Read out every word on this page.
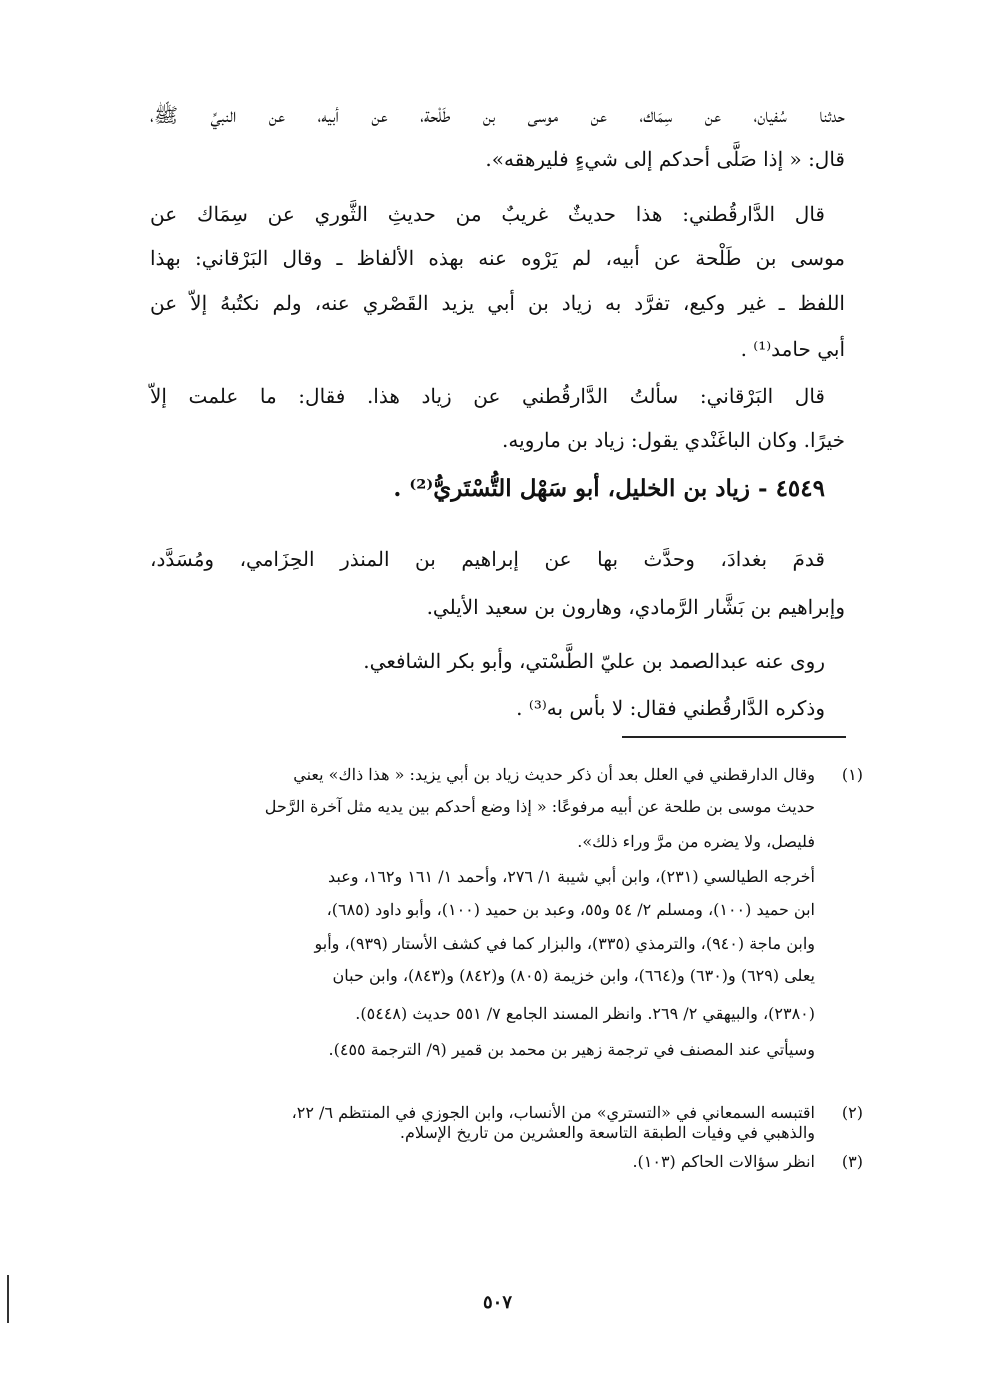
حدثنا سُفيان، عن سِمَاك، عن موسى بن طَلْحة، عن أبيه، عن النبيِّ ﷺ،
قال: « إذا صَلَّى أحدكم إلى شيءٍ فليرهقه».
قال الدَّارقُطني: هذا حديثٌ غريبٌ من حديثِ الثَّوري عن سِمَاك عن
موسى بن طَلْحة عن أبيه، لم يَرْوه عنه بهذه الألفاظ ـ وقال البَرْقاني: بهذا
اللفظ ـ غير وكيع، تفرَّد به زياد بن أبي يزيد القَصْري عنه، ولم نكتُبهُ إلاّ عن
أبي حامد⁽¹⁾ .
قال البَرْقاني: سألتُ الدَّارقُطني عن زياد هذا. فقال: ما علمت إلاّ
خيرًا. وكان الباغَنْدي يقول: زياد بن مارويه.
قدمَ بغدادَ، وحدَّث بها عن إبراهيم بن المنذر الحِزَامي، ومُسَدَّد،
وإبراهيم بن بَشَّار الرَّمادي، وهارون بن سعيد الأيلي.
روى عنه عبدالصمد بن عليّ الطَّسْتي، وأبو بكر الشافعي.
وذكره الدَّارقُطني فقال: لا بأس به⁽³⁾ .
٤٥٤٩ - زياد بن الخليل، أبو سَهْل التُّسْتَريُّ⁽²⁾ .
(١)
(٢)
(٣)
وقال الدارقطني في العلل بعد أن ذكر حديث زياد بن أبي يزيد: « هذا ذاك» يعني
حديث موسى بن طلحة عن أبيه مرفوعًا: « إذا وضع أحدكم بين يديه مثل آخرة الرَّحل
فليصل، ولا يضره من مرَّ وراء ذلك».
أخرجه الطيالسي (٢٣١)، وابن أبي شيبة ١/ ٢٧٦، وأحمد ١/ ١٦١ و١٦٢، وعبد
ابن حميد (١٠٠)، ومسلم ٢/ ٥٤ و٥٥، وعبد بن حميد (١٠٠)، وأبو داود (٦٨٥)،
وابن ماجة (٩٤٠)، والترمذي (٣٣٥)، والبزار كما في كشف الأستار (٩٣٩)، وأبو
يعلى (٦٢٩) و(٦٣٠) و(٦٦٤)، وابن خزيمة (٨٠٥) و(٨٤٢) و(٨٤٣)، وابن حبان
(٢٣٨٠)، والبيهقي ٢/ ٢٦٩. وانظر المسند الجامع ٧/ ٥٥١ حديث (٥٤٤٨).
وسيأتي عند المصنف في ترجمة زهير بن محمد بن قمير (٩/ الترجمة ٤٥٥).
اقتبسه السمعاني في «التستري» من الأنساب، وابن الجوزي في المنتظم ٦/ ٢٢،
والذهبي في وفيات الطبقة التاسعة والعشرين من تاريخ الإسلام.
انظر سؤالات الحاكم (١٠٣).
٥٠٧
